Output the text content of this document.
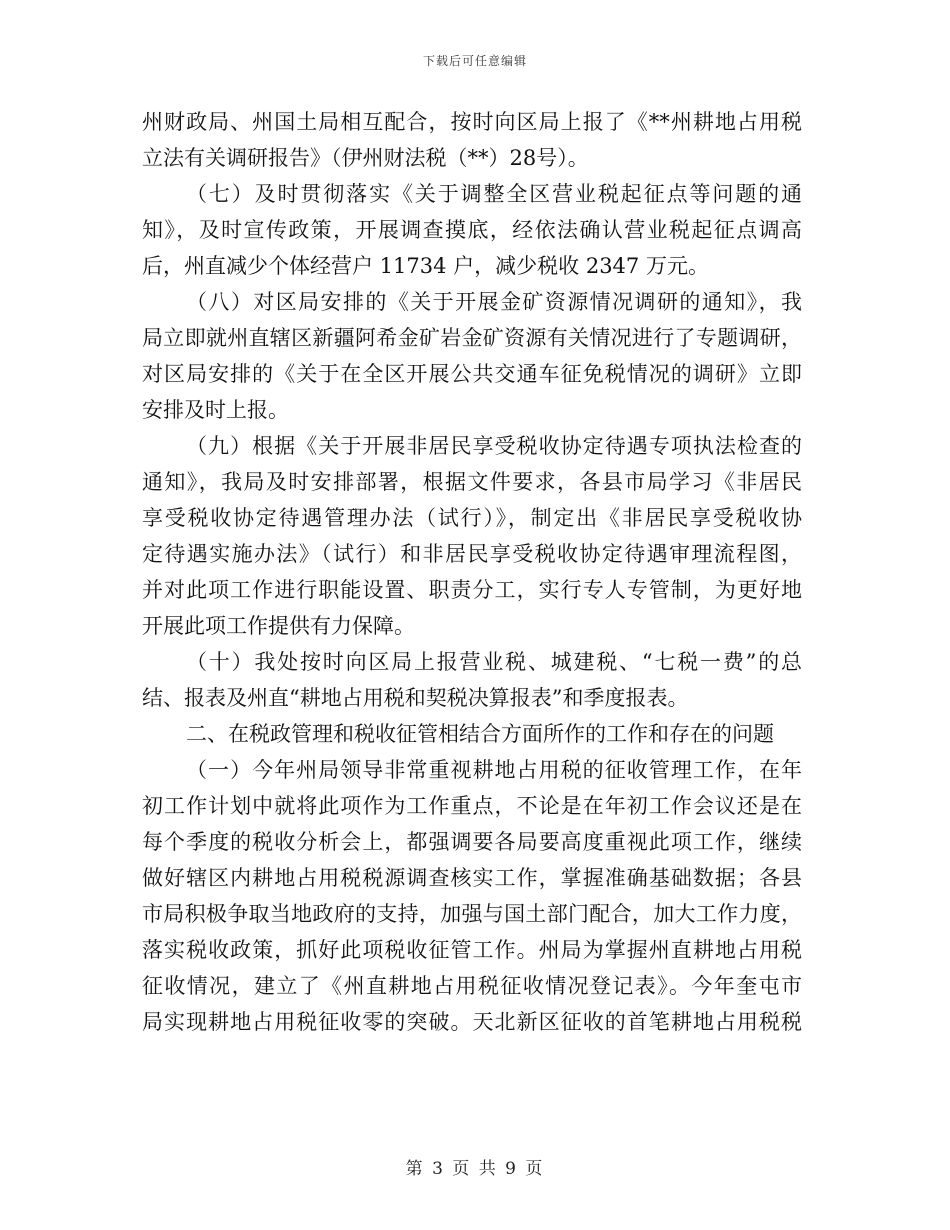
下载后可任意编辑
州财政局、州国土局相互配合，按时向区局上报了《**州耕地占用税
立法有关调研报告》（伊州财法税（**）28号）。
（七）及时贯彻落实《关于调整全区营业税起征点等问题的通
知》，及时宣传政策，开展调查摸底，经依法确认营业税起征点调高
后，州直减少个体经营户 11734 户，减少税收 2347 万元。
（八）对区局安排的《关于开展金矿资源情况调研的通知》，我
局立即就州直辖区新疆阿希金矿岩金矿资源有关情况进行了专题调研，
对区局安排的《关于在全区开展公共交通车征免税情况的调研》立即
安排及时上报。
（九）根据《关于开展非居民享受税收协定待遇专项执法检查的
通知》，我局及时安排部署，根据文件要求，各县市局学习《非居民
享受税收协定待遇管理办法（试行）》，制定出《非居民享受税收协
定待遇实施办法》（试行）和非居民享受税收协定待遇审理流程图，
并对此项工作进行职能设置、职责分工，实行专人专管制，为更好地
开展此项工作提供有力保障。
（十）我处按时向区局上报营业税、城建税、“七税一费”的总
结、报表及州直“耕地占用税和契税决算报表”和季度报表。
二、在税政管理和税收征管相结合方面所作的工作和存在的问题
（一）今年州局领导非常重视耕地占用税的征收管理工作，在年
初工作计划中就将此项作为工作重点，不论是在年初工作会议还是在
每个季度的税收分析会上，都强调要各局要高度重视此项工作，继续
做好辖区内耕地占用税税源调查核实工作，掌握准确基础数据；各县
市局积极争取当地政府的支持，加强与国土部门配合，加大工作力度，
落实税收政策，抓好此项税收征管工作。州局为掌握州直耕地占用税
征收情况，建立了《州直耕地占用税征收情况登记表》。今年奎屯市
局实现耕地占用税征收零的突破。天北新区征收的首笔耕地占用税税
第 3 页 共 9 页
